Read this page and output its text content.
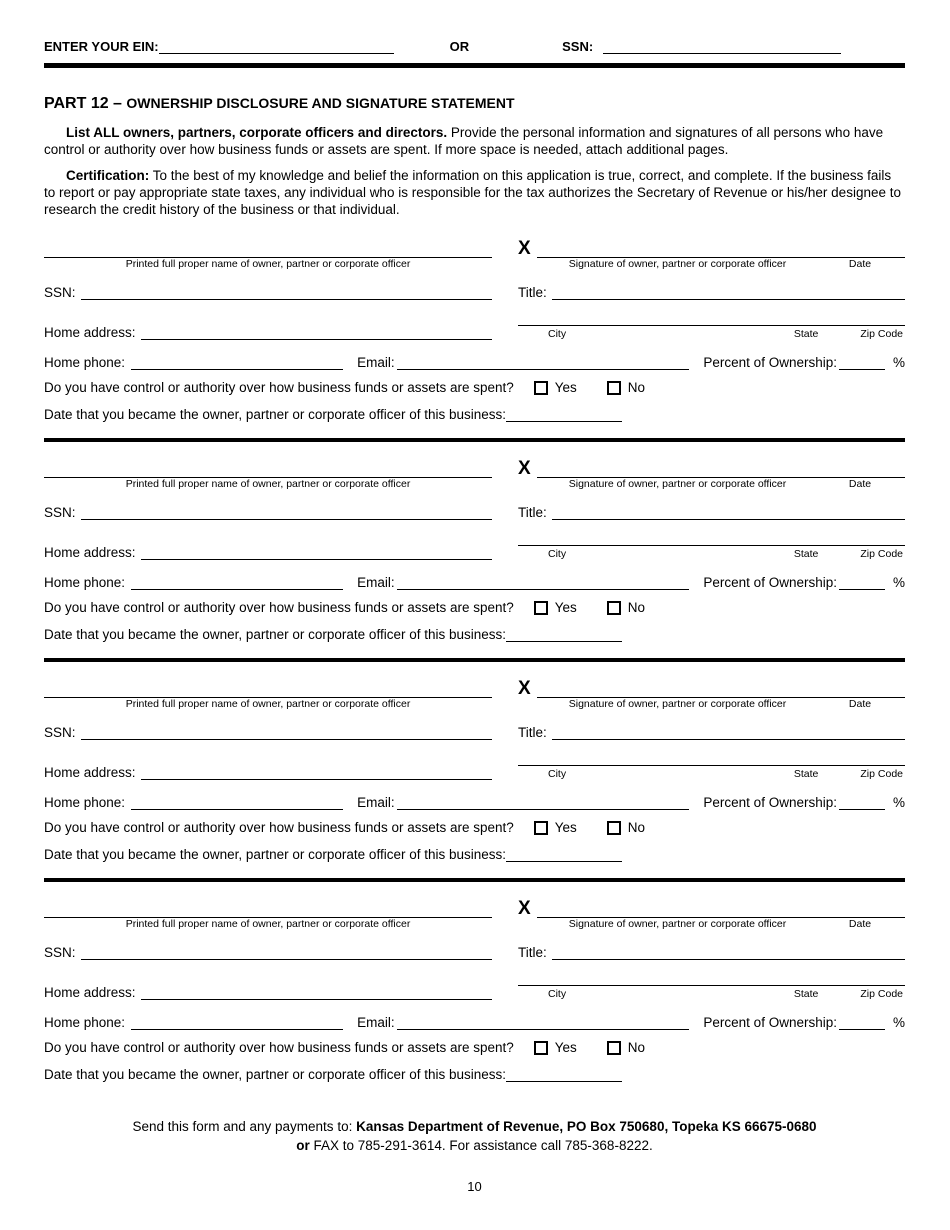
ENTER YOUR EIN:	OR	SSN:
PART 12 – OWNERSHIP DISCLOSURE AND SIGNATURE STATEMENT

List ALL owners, partners, corporate officers and directors. Provide the personal information and signatures of all persons who have control or authority over how business funds or assets are spent. If more space is needed, attach additional pages.

Certification: To the best of my knowledge and belief the information on this application is true, correct, and complete. If the business fails to report or pay appropriate state taxes, any individual who is responsible for the tax authorizes the Secretary of Revenue or his/her designee to research the credit history of the business or that individual.

Printed full proper name of owner, partner or corporate officer
X
Signature of owner, partner or corporate officer	Date
SSN:	Title:
Home address:	City	State	Zip Code
Home phone:	Email:	Percent of Ownership:	%
Do you have control or authority over how business funds or assets are spent?	Yes	No
Date that you became the owner, partner or corporate officer of this business:
Printed full proper name of owner, partner or corporate officer
X
Signature of owner, partner or corporate officer	Date
SSN:	Title:
Home address:	City	State	Zip Code
Home phone:	Email:	Percent of Ownership:	%
Do you have control or authority over how business funds or assets are spent?	Yes	No
Date that you became the owner, partner or corporate officer of this business:
Printed full proper name of owner, partner or corporate officer
X
Signature of owner, partner or corporate officer	Date
SSN:	Title:
Home address:	City	State	Zip Code
Home phone:	Email:	Percent of Ownership:	%
Do you have control or authority over how business funds or assets are spent?	Yes	No
Date that you became the owner, partner or corporate officer of this business:
Printed full proper name of owner, partner or corporate officer
X
Signature of owner, partner or corporate officer	Date
SSN:	Title:
Home address:	City	State	Zip Code
Home phone:	Email:	Percent of Ownership:	%
Do you have control or authority over how business funds or assets are spent?	Yes	No
Date that you became the owner, partner or corporate officer of this business:
Send this form and any payments to: Kansas Department of Revenue, PO Box 750680, Topeka KS 66675-0680
or FAX to 785-291-3614. For assistance call 785-368-8222.
10
